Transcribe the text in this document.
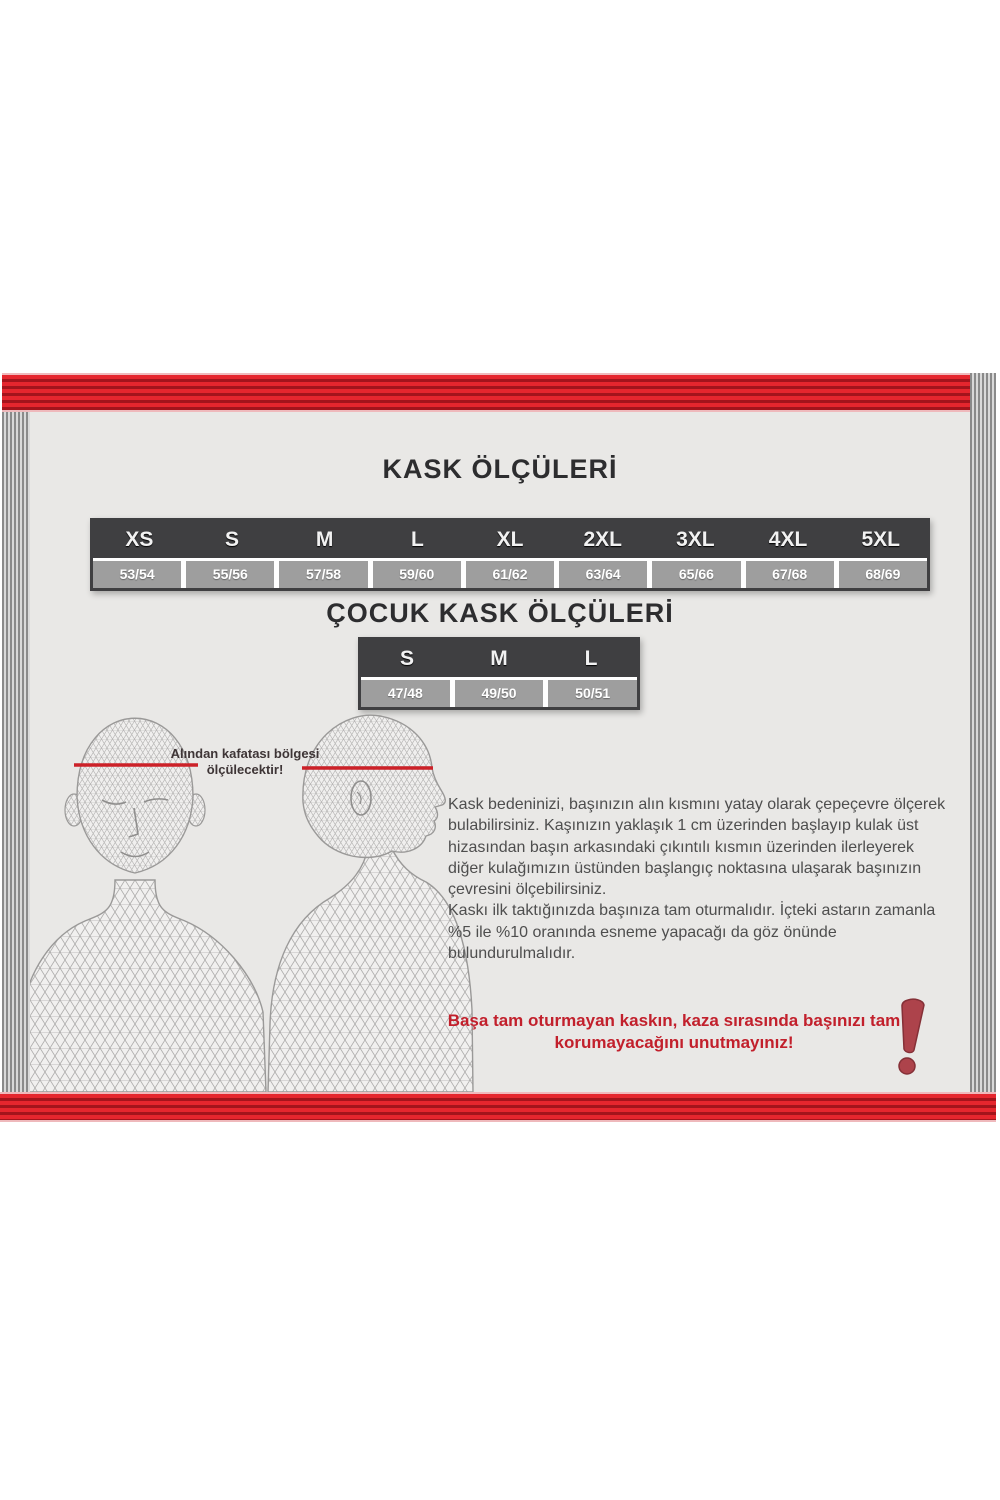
KASK ÖLÇÜLERİ
XS	S	M	L	XL	2XL	3XL	4XL	5XL
53/54	55/56	57/58	59/60	61/62	63/64	65/66	67/68	68/69
ÇOCUK KASK ÖLÇÜLERİ
S	M	L
47/48	49/50	50/51
Alından kafatası bölgesi ölçülecektir!
Kask bedeninizi, başınızın alın kısmını yatay olarak çepeçevre ölçerek
bulabilirsiniz. Kaşınızın yaklaşık 1 cm üzerinden başlayıp kulak üst
hizasından başın arkasındaki çıkıntılı kısmın üzerinden ilerleyerek
diğer kulağımızın üstünden başlangıç noktasına ulaşarak başınızın
çevresini ölçebilirsiniz.
Kaskı ilk taktığınızda başınıza tam oturmalıdır. İçteki astarın zamanla
%5 ile %10 oranında esneme yapacağı da göz önünde
bulundurulmalıdır.
Başa tam oturmayan kaskın, kaza sırasında başınızı tam
korumayacağını unutmayınız!
